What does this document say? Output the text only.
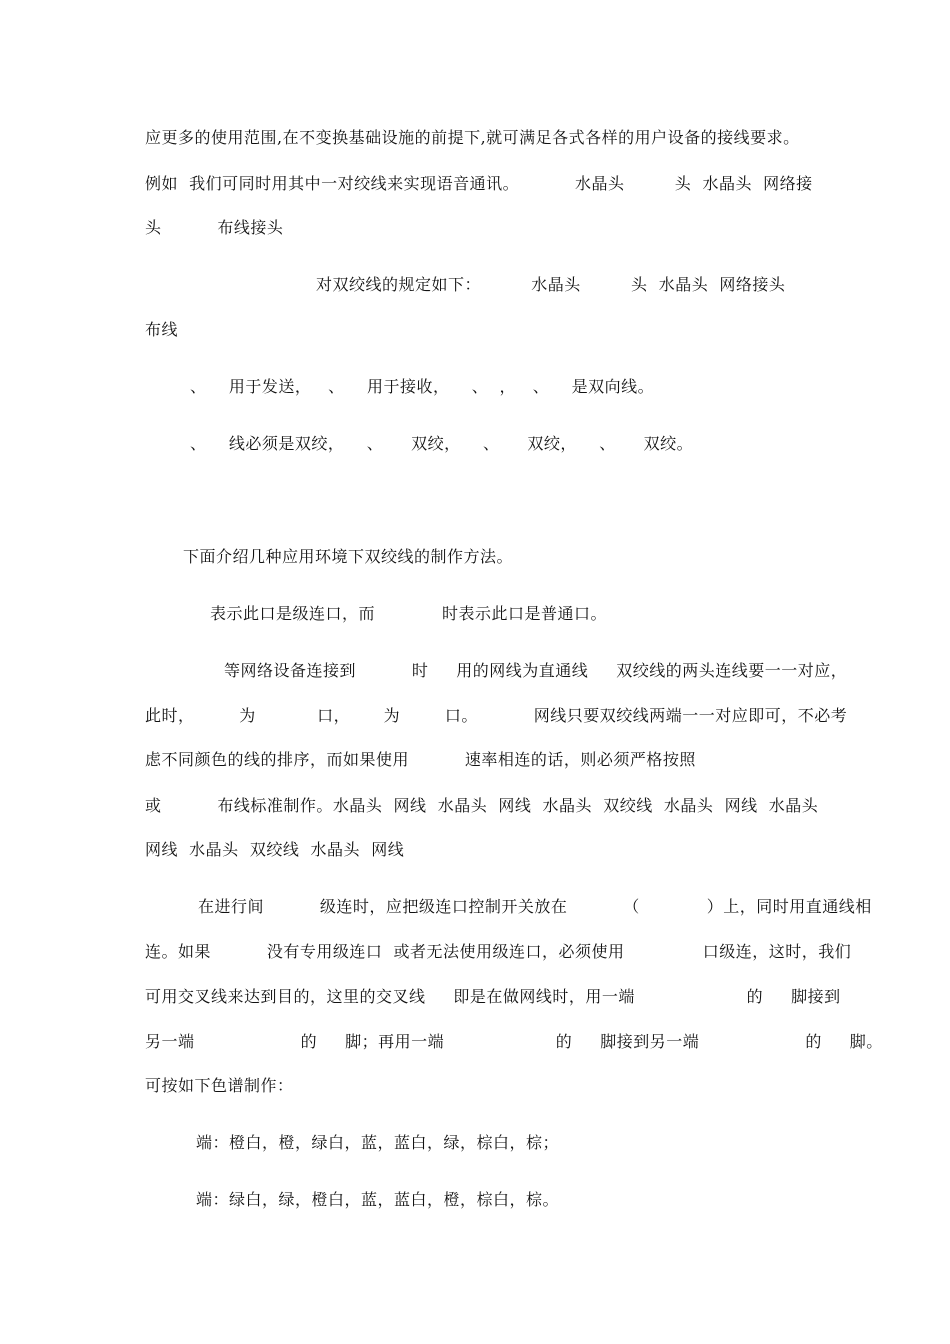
应更多的使用范围,在不变换基础设施的前提下,就可满足各式各样的用户设备的接线要求。
例如  我们可同时用其中一对绞线来实现语音通讯。          水晶头         头  水晶头  网络接
头          布线接头
对双绞线的规定如下：         水晶头         头  水晶头  网络接头
布线
、    用于发送，   、    用于接收，    、  ，   、    是双向线。
、    线必须是双绞，    、     双绞，    、     双绞，    、     双绞。
下面介绍几种应用环境下双绞线的制作方法。
表示此口是级连口，而            时表示此口是普通口。
等网络设备连接到          时     用的网线为直通线     双绞线的两头连线要一一对应，
此时，        为           口，      为        口。          网线只要双绞线两端一一对应即可，不必考
虑不同颜色的线的排序，而如果使用          速率相连的话，则必须严格按照
或          布线标准制作。水晶头  网线  水晶头  网线  水晶头  双绞线  水晶头  网线  水晶头
网线  水晶头  双绞线  水晶头  网线
在进行间          级连时，应把级连口控制开关放在          （            ）上，同时用直通线相
连。如果          没有专用级连口  或者无法使用级连口，必须使用              口级连，这时，我们
可用交叉线来达到目的，这里的交叉线     即是在做网线时，用一端                    的     脚接到
另一端                   的     脚；再用一端                    的     脚接到另一端                   的     脚。
可按如下色谱制作：
端：橙白，橙，绿白，蓝，蓝白，绿，棕白，棕；
端：绿白，绿，橙白，蓝，蓝白，橙，棕白，棕。
